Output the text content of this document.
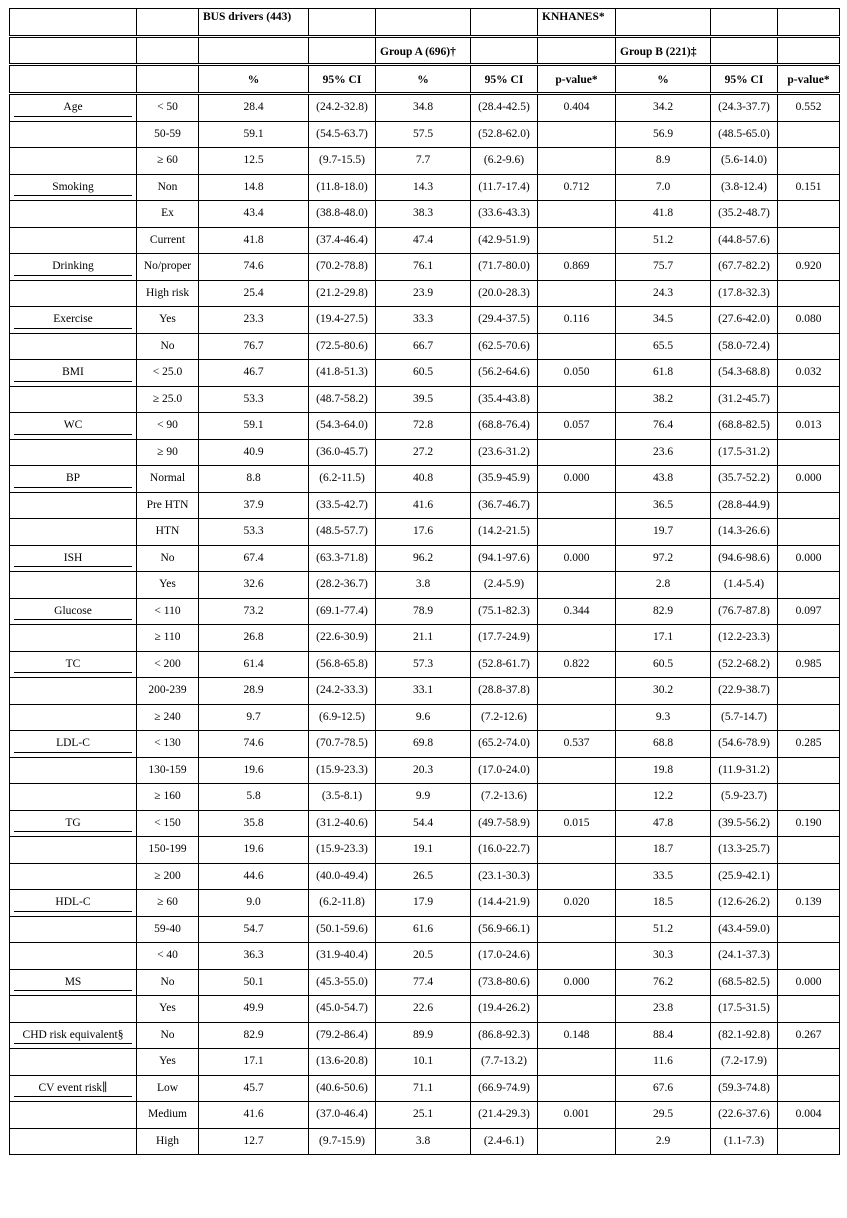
		BUS drivers (443)				KNHANES*			
				Group A (696)†			Group B (221)‡		
		%	95% CI	%	95% CI	p-value*	%	95% CI	p-value*
Age	< 50	28.4	(24.2-32.8)	34.8	(28.4-42.5)	0.404	34.2	(24.3-37.7)	0.552
	50-59	59.1	(54.5-63.7)	57.5	(52.8-62.0)		56.9	(48.5-65.0)	
	≥ 60	12.5	(9.7-15.5)	7.7	(6.2-9.6)		8.9	(5.6-14.0)	
Smoking	Non	14.8	(11.8-18.0)	14.3	(11.7-17.4)	0.712	7.0	(3.8-12.4)	0.151
	Ex	43.4	(38.8-48.0)	38.3	(33.6-43.3)		41.8	(35.2-48.7)	
	Current	41.8	(37.4-46.4)	47.4	(42.9-51.9)		51.2	(44.8-57.6)	
Drinking	No/proper	74.6	(70.2-78.8)	76.1	(71.7-80.0)	0.869	75.7	(67.7-82.2)	0.920
	High risk	25.4	(21.2-29.8)	23.9	(20.0-28.3)		24.3	(17.8-32.3)	
Exercise	Yes	23.3	(19.4-27.5)	33.3	(29.4-37.5)	0.116	34.5	(27.6-42.0)	0.080
	No	76.7	(72.5-80.6)	66.7	(62.5-70.6)		65.5	(58.0-72.4)	
BMI	< 25.0	46.7	(41.8-51.3)	60.5	(56.2-64.6)	0.050	61.8	(54.3-68.8)	0.032
	≥ 25.0	53.3	(48.7-58.2)	39.5	(35.4-43.8)		38.2	(31.2-45.7)	
WC	< 90	59.1	(54.3-64.0)	72.8	(68.8-76.4)	0.057	76.4	(68.8-82.5)	0.013
	≥ 90	40.9	(36.0-45.7)	27.2	(23.6-31.2)		23.6	(17.5-31.2)	
BP	Normal	8.8	(6.2-11.5)	40.8	(35.9-45.9)	0.000	43.8	(35.7-52.2)	0.000
	Pre HTN	37.9	(33.5-42.7)	41.6	(36.7-46.7)		36.5	(28.8-44.9)	
	HTN	53.3	(48.5-57.7)	17.6	(14.2-21.5)		19.7	(14.3-26.6)	
ISH	No	67.4	(63.3-71.8)	96.2	(94.1-97.6)	0.000	97.2	(94.6-98.6)	0.000
	Yes	32.6	(28.2-36.7)	3.8	(2.4-5.9)		2.8	(1.4-5.4)	
Glucose	< 110	73.2	(69.1-77.4)	78.9	(75.1-82.3)	0.344	82.9	(76.7-87.8)	0.097
	≥ 110	26.8	(22.6-30.9)	21.1	(17.7-24.9)		17.1	(12.2-23.3)	
TC	< 200	61.4	(56.8-65.8)	57.3	(52.8-61.7)	0.822	60.5	(52.2-68.2)	0.985
	200-239	28.9	(24.2-33.3)	33.1	(28.8-37.8)		30.2	(22.9-38.7)	
	≥ 240	9.7	(6.9-12.5)	9.6	(7.2-12.6)		9.3	(5.7-14.7)	
LDL-C	< 130	74.6	(70.7-78.5)	69.8	(65.2-74.0)	0.537	68.8	(54.6-78.9)	0.285
	130-159	19.6	(15.9-23.3)	20.3	(17.0-24.0)		19.8	(11.9-31.2)	
	≥ 160	5.8	(3.5-8.1)	9.9	(7.2-13.6)		12.2	(5.9-23.7)	
TG	< 150	35.8	(31.2-40.6)	54.4	(49.7-58.9)	0.015	47.8	(39.5-56.2)	0.190
	150-199	19.6	(15.9-23.3)	19.1	(16.0-22.7)		18.7	(13.3-25.7)	
	≥ 200	44.6	(40.0-49.4)	26.5	(23.1-30.3)		33.5	(25.9-42.1)	
HDL-C	≥ 60	9.0	(6.2-11.8)	17.9	(14.4-21.9)	0.020	18.5	(12.6-26.2)	0.139
	59-40	54.7	(50.1-59.6)	61.6	(56.9-66.1)		51.2	(43.4-59.0)	
	< 40	36.3	(31.9-40.4)	20.5	(17.0-24.6)		30.3	(24.1-37.3)	
MS	No	50.1	(45.3-55.0)	77.4	(73.8-80.6)	0.000	76.2	(68.5-82.5)	0.000
	Yes	49.9	(45.0-54.7)	22.6	(19.4-26.2)		23.8	(17.5-31.5)	
CHD risk equivalent§	No	82.9	(79.2-86.4)	89.9	(86.8-92.3)	0.148	88.4	(82.1-92.8)	0.267
	Yes	17.1	(13.6-20.8)	10.1	(7.7-13.2)		11.6	(7.2-17.9)	
CV event risk∥	Low	45.7	(40.6-50.6)	71.1	(66.9-74.9)		67.6	(59.3-74.8)	
	Medium	41.6	(37.0-46.4)	25.1	(21.4-29.3)	0.001	29.5	(22.6-37.6)	0.004
	High	12.7	(9.7-15.9)	3.8	(2.4-6.1)		2.9	(1.1-7.3)	
